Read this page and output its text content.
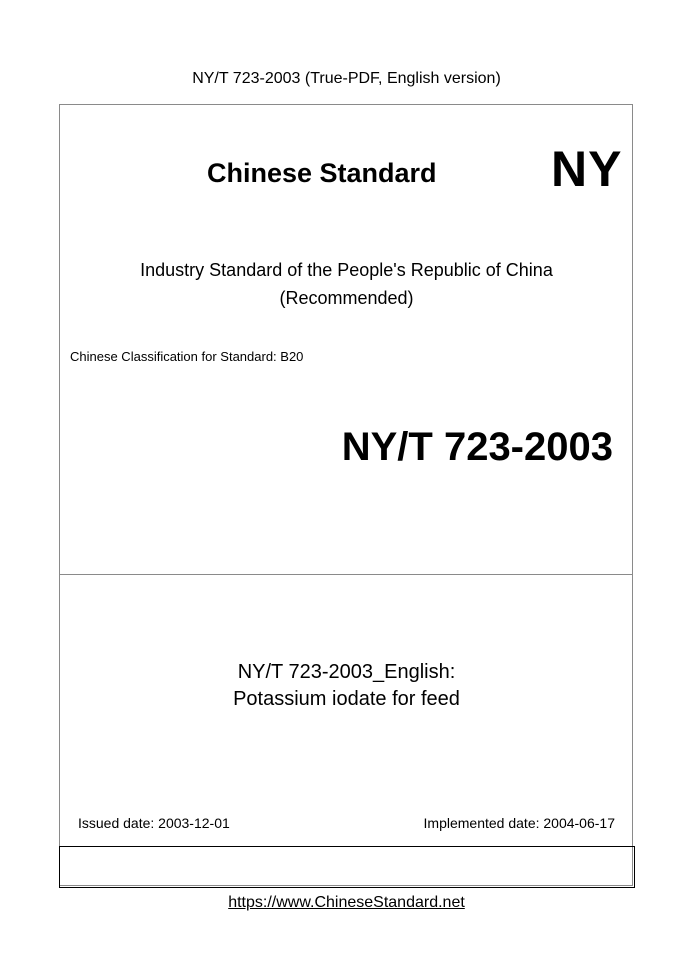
NY/T 723-2003 (True-PDF, English version)
Chinese Standard NY
Industry Standard of the People's Republic of China
(Recommended)
Chinese Classification for Standard: B20
NY/T 723-2003
NY/T 723-2003_English:
Potassium iodate for feed
Issued date: 2003-12-01	Implemented date: 2004-06-17
https://www.ChineseStandard.net
